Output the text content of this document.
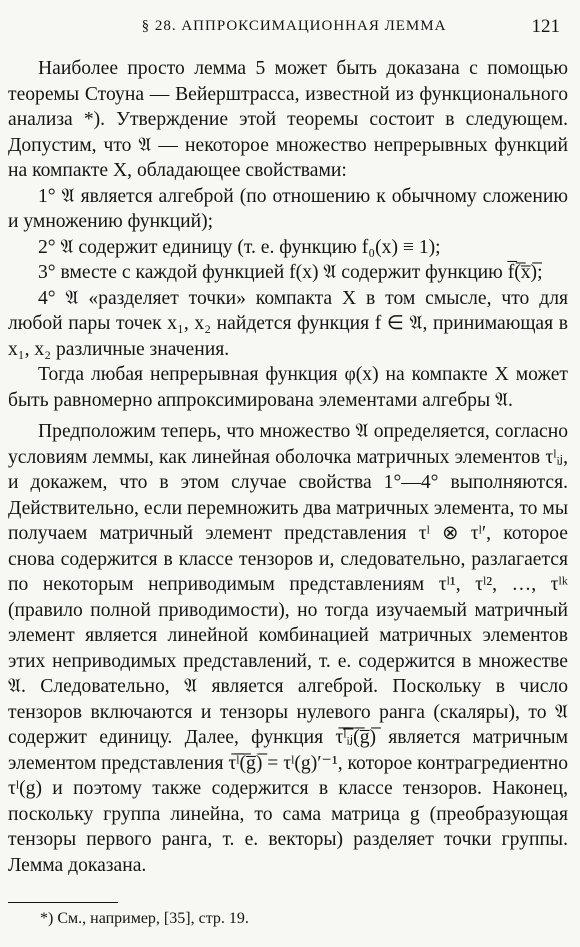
§ 28. АППРОКСИМАЦИОННАЯ ЛЕММА	121

Наиболее просто лемма 5 может быть доказана с помощью теоремы Стоуна — Вейерштрасса, известной из функционального анализа *). Утверждение этой теоремы состоит в следующем. Допустим, что 𝔄 — некоторое множество непрерывных функций на компакте X, обладающее свойствами:

1° 𝔄 является алгеброй (по отношению к обычному сложению и умножению функций);

2° 𝔄 содержит единицу (т. е. функцию f₀(x) ≡ 1);

3° вместе с каждой функцией f(x) 𝔄 содержит функцию f̅(̅x̅)̅;

4° 𝔄 «разделяет точки» компакта X в том смысле, что для любой пары точек x₁, x₂ найдется функция f ∈ 𝔄, принимающая в x₁, x₂ различные значения.

Тогда любая непрерывная функция φ(x) на компакте X может быть равномерно аппроксимирована элементами алгебры 𝔄.

Предположим теперь, что множество 𝔄 определяется, согласно условиям леммы, как линейная оболочка матричных элементов τˡᵢⱼ, и докажем, что в этом случае свойства 1°—4° выполняются. Действительно, если перемножить два матричных элемента, то мы получаем матричный элемент представления τˡ ⊗ τˡ′, которое снова содержится в классе тензоров и, следовательно, разлагается по некоторым неприводимым представлениям τˡ¹, τˡ², …, τˡᵏ (правило полной приводимости), но тогда изучаемый матричный элемент является линейной комбинацией матричных элементов этих неприводимых представлений, т. е. содержится в множестве 𝔄. Следовательно, 𝔄 является алгеброй. Поскольку в число тензоров включаются и тензоры нулевого ранга (скаляры), то 𝔄 содержит единицу. Далее, функция τ̅ˡ̅ᵢ̅ⱼ̅(̅g̅)̅ является матричным элементом представления τ̅ˡ̅(̅g̅)̅ = τˡ(g)′⁻¹, которое контрагредиентно τˡ(g) и поэтому также содержится в классе тензоров. Наконец, поскольку группа линейна, то сама матрица g (преобразующая тензоры первого ранга, т. е. векторы) разделяет точки группы. Лемма доказана.

*) См., например, [35], стр. 19.
